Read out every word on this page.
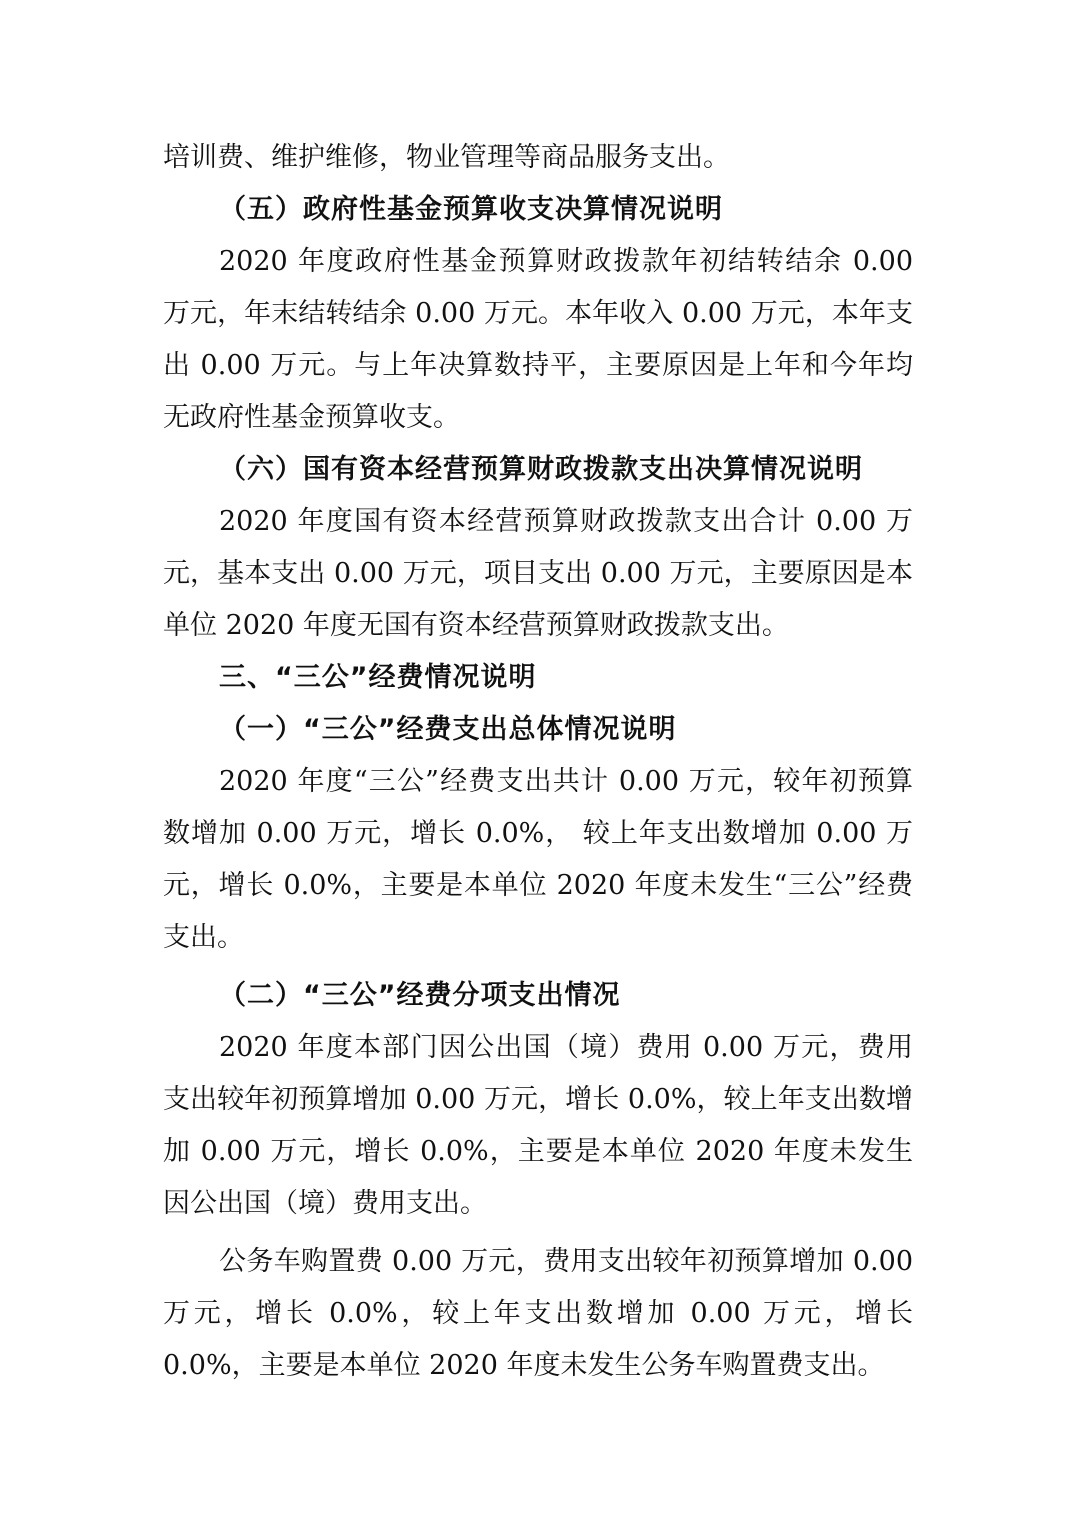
培训费、维护维修，物业管理等商品服务支出。

（五）政府性基金预算收支决算情况说明

2020 年度政府性基金预算财政拨款年初结转结余 0.00 万元，年末结转结余 0.00 万元。本年收入 0.00 万元，本年支出 0.00 万元。与上年决算数持平，主要原因是上年和今年均无政府性基金预算收支。

（六）国有资本经营预算财政拨款支出决算情况说明

2020 年度国有资本经营预算财政拨款支出合计 0.00 万元，基本支出 0.00 万元，项目支出 0.00 万元，主要原因是本单位 2020 年度无国有资本经营预算财政拨款支出。

三、“三公”经费情况说明

（一）“三公”经费支出总体情况说明

2020 年度“三公”经费支出共计 0.00 万元，较年初预算数增加 0.00 万元，增长 0.0%， 较上年支出数增加 0.00 万元，增长 0.0%，主要是本单位 2020 年度未发生“三公”经费支出。

（二）“三公”经费分项支出情况

2020 年度本部门因公出国（境）费用 0.00 万元，费用支出较年初预算增加 0.00 万元，增长 0.0%，较上年支出数增加 0.00 万元，增长 0.0%，主要是本单位 2020 年度未发生因公出国（境）费用支出。

公务车购置费 0.00 万元，费用支出较年初预算增加 0.00 万元，增长 0.0%，较上年支出数增加 0.00 万元，增长 0.0%，主要是本单位 2020 年度未发生公务车购置费支出。
